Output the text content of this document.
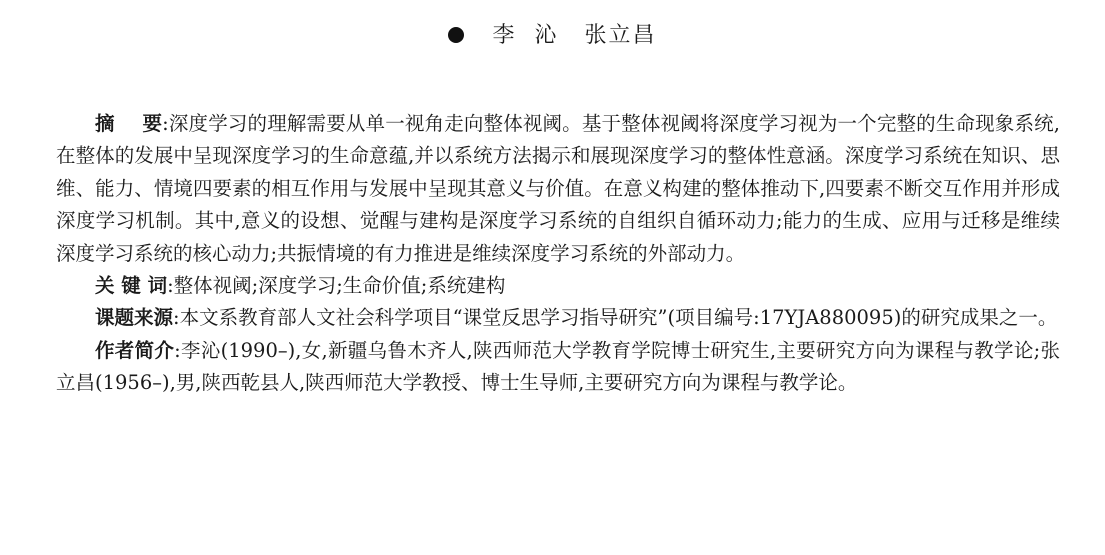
李  沁 张立昌

摘    要:深度学习的理解需要从单一视角走向整体视阈。基于整体视阈将深度学习视为一个完整的生命现象系统,在整体的发展中呈现深度学习的生命意蕴,并以系统方法揭示和展现深度学习的整体性意涵。深度学习系统在知识、思维、能力、情境四要素的相互作用与发展中呈现其意义与价值。在意义构建的整体推动下,四要素不断交互作用并形成深度学习机制。其中,意义的设想、觉醒与建构是深度学习系统的自组织自循环动力;能力的生成、应用与迁移是维续深度学习系统的核心动力;共振情境的有力推进是维续深度学习系统的外部动力。

关 键 词:整体视阈;深度学习;生命价值;系统建构

课题来源:本文系教育部人文社会科学项目“课堂反思学习指导研究”(项目编号:17YJA880095)的研究成果之一。

作者简介:李沁(1990–),女,新疆乌鲁木齐人,陕西师范大学教育学院博士研究生,主要研究方向为课程与教学论;张立昌(1956–),男,陕西乾县人,陕西师范大学教授、博士生导师,主要研究方向为课程与教学论。
